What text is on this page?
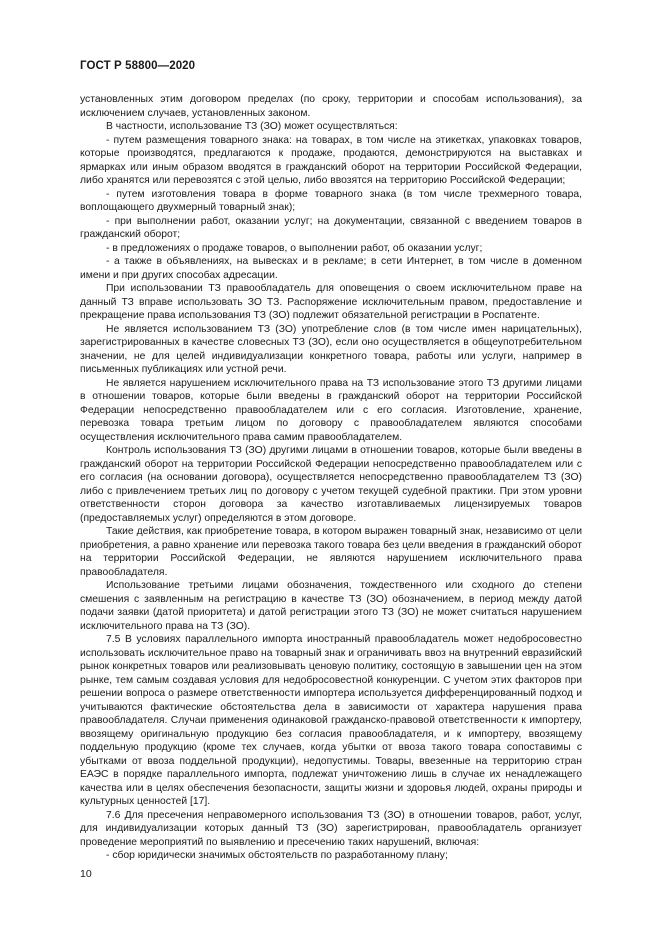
ГОСТ Р 58800—2020

установленных этим договором пределах (по сроку, территории и способам использования), за исключением случаев, установленных законом.

В частности, использование ТЗ (ЗО) может осуществляться:

- путем размещения товарного знака: на товарах, в том числе на этикетках, упаковках товаров, которые производятся, предлагаются к продаже, продаются, демонстрируются на выставках и ярмарках или иным образом вводятся в гражданский оборот на территории Российской Федерации, либо хранятся или перевозятся с этой целью, либо ввозятся на территорию Российской Федерации;

- путем изготовления товара в форме товарного знака (в том числе трехмерного товара, воплощающего двухмерный товарный знак);

- при выполнении работ, оказании услуг; на документации, связанной с введением товаров в гражданский оборот;

- в предложениях о продаже товаров, о выполнении работ, об оказании услуг;

- а также в объявлениях, на вывесках и в рекламе; в сети Интернет, в том числе в доменном имени и при других способах адресации.

При использовании ТЗ правообладатель для оповещения о своем исключительном праве на данный ТЗ вправе использовать ЗО ТЗ. Распоряжение исключительным правом, предоставление и прекращение права использования ТЗ (ЗО) подлежит обязательной регистрации в Роспатенте.

Не является использованием ТЗ (ЗО) употребление слов (в том числе имен нарицательных), зарегистрированных в качестве словесных ТЗ (ЗО), если оно осуществляется в общеупотребительном значении, не для целей индивидуализации конкретного товара, работы или услуги, например в письменных публикациях или устной речи.

Не является нарушением исключительного права на ТЗ использование этого ТЗ другими лицами в отношении товаров, которые были введены в гражданский оборот на территории Российской Федерации непосредственно правообладателем или с его согласия. Изготовление, хранение, перевозка товара третьим лицом по договору с правообладателем являются способами осуществления исключительного права самим правообладателем.

Контроль использования ТЗ (ЗО) другими лицами в отношении товаров, которые были введены в гражданский оборот на территории Российской Федерации непосредственно правообладателем или с его согласия (на основании договора), осуществляется непосредственно правообладателем ТЗ (ЗО) либо с привлечением третьих лиц по договору с учетом текущей судебной практики. При этом уровни ответственности сторон договора за качество изготавливаемых лицензируемых товаров (предоставляемых услуг) определяются в этом договоре.

Такие действия, как приобретение товара, в котором выражен товарный знак, независимо от цели приобретения, а равно хранение или перевозка такого товара без цели введения в гражданский оборот на территории Российской Федерации, не являются нарушением исключительного права правообладателя.

Использование третьими лицами обозначения, тождественного или сходного до степени смешения с заявленным на регистрацию в качестве ТЗ (ЗО) обозначением, в период между датой подачи заявки (датой приоритета) и датой регистрации этого ТЗ (ЗО) не может считаться нарушением исключительного права на ТЗ (ЗО).

7.5 В условиях параллельного импорта иностранный правообладатель может недобросовестно использовать исключительное право на товарный знак и ограничивать ввоз на внутренний евразийский рынок конкретных товаров или реализовывать ценовую политику, состоящую в завышении цен на этом рынке, тем самым создавая условия для недобросовестной конкуренции. С учетом этих факторов при решении вопроса о размере ответственности импортера используется дифференцированный подход и учитываются фактические обстоятельства дела в зависимости от характера нарушения права правообладателя. Случаи применения одинаковой гражданско-правовой ответственности к импортеру, ввозящему оригинальную продукцию без согласия правообладателя, и к импортеру, ввозящему поддельную продукцию (кроме тех случаев, когда убытки от ввоза такого товара сопоставимы с убытками от ввоза поддельной продукции), недопустимы. Товары, ввезенные на территорию стран ЕАЭС в порядке параллельного импорта, подлежат уничтожению лишь в случае их ненадлежащего качества или в целях обеспечения безопасности, защиты жизни и здоровья людей, охраны природы и культурных ценностей [17].

7.6 Для пресечения неправомерного использования ТЗ (ЗО) в отношении товаров, работ, услуг, для индивидуализации которых данный ТЗ (ЗО) зарегистрирован, правообладатель организует проведение мероприятий по выявлению и пресечению таких нарушений, включая:

- сбор юридически значимых обстоятельств по разработанному плану;

10
